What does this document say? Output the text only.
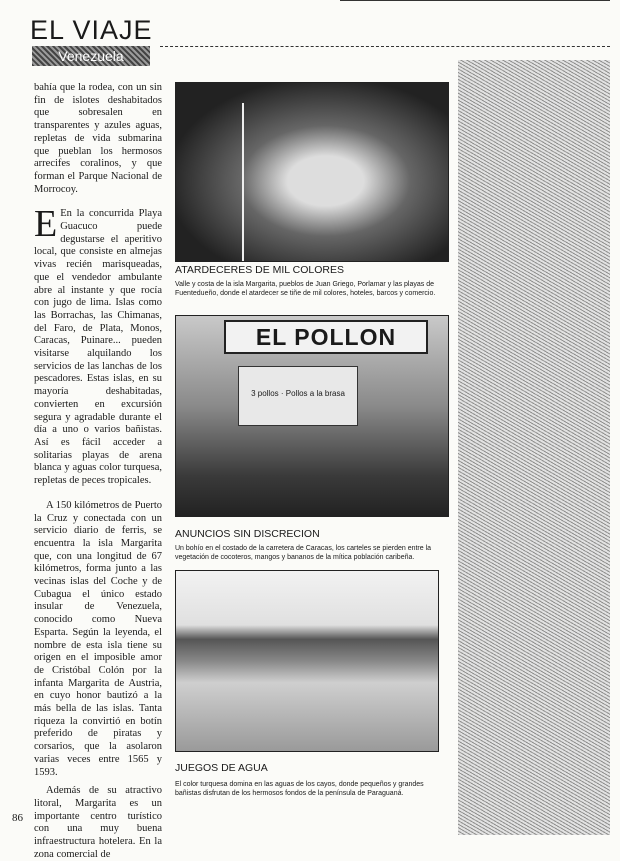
EL VIAJE
Venezuela

bahía que la rodea, con un sin fin de islotes deshabitados que sobresalen en transparentes y azules aguas, repletas de vida submarina que pueblan los hermosos arrecifes coralinos, y que forman el Parque Nacional de Morrocoy.

E En la concurrida Playa Guacuco puede degustarse el aperitivo local, que consiste en almejas vivas recién marisqueadas, que el vendedor ambulante abre al instante y que rocía con jugo de lima. Islas como las Borrachas, las Chimanas, del Faro, de Plata, Monos, Caracas, Puinare... pueden visitarse alquilando los servicios de las lanchas de los pescadores. Estas islas, en su mayoría deshabitadas, convierten en excursión segura y agradable durante el día a uno o varios bañistas. Así es fácil acceder a solitarias playas de arena blanca y aguas color turquesa, repletas de peces tropicales.

A 150 kilómetros de Puerto la Cruz y conectada con un servicio diario de ferris, se encuentra la isla Margarita que, con una longitud de 67 kilómetros, forma junto a las vecinas islas del Coche y de Cubagua el único estado insular de Venezuela, conocido como Nueva Esparta. Según la leyenda, el nombre de esta isla tiene su origen en el imposible amor de Cristóbal Colón por la infanta Margarita de Austria, en cuyo honor bautizó a la más bella de las islas. Tanta riqueza la convirtió en botín preferido de piratas y corsarios, que la asolaron varias veces entre 1565 y 1593.

Además de su atractivo litoral, Margarita es un importante centro turístico con una muy buena infraestructura hotelera. En la zona comercial de

ATARDECERES DE MIL COLORES
Valle y costa de la isla Margarita, pueblos de Juan Griego, Porlamar y las playas de Fuentedueño, donde el atardecer se tiñe de mil colores, hoteles, barcos y comercio.
EL POLLON
3 pollos · Pollos a la brasa
ANUNCIOS SIN DISCRECION
Un bohío en el costado de la carretera de Caracas, los carteles se pierden entre la vegetación de cocoteros, mangos y bananos de la mítica población caribeña.
JUEGOS DE AGUA
El color turquesa domina en las aguas de los cayos, donde pequeños y grandes bañistas disfrutan de los hermosos fondos de la península de Paraguaná.
86
